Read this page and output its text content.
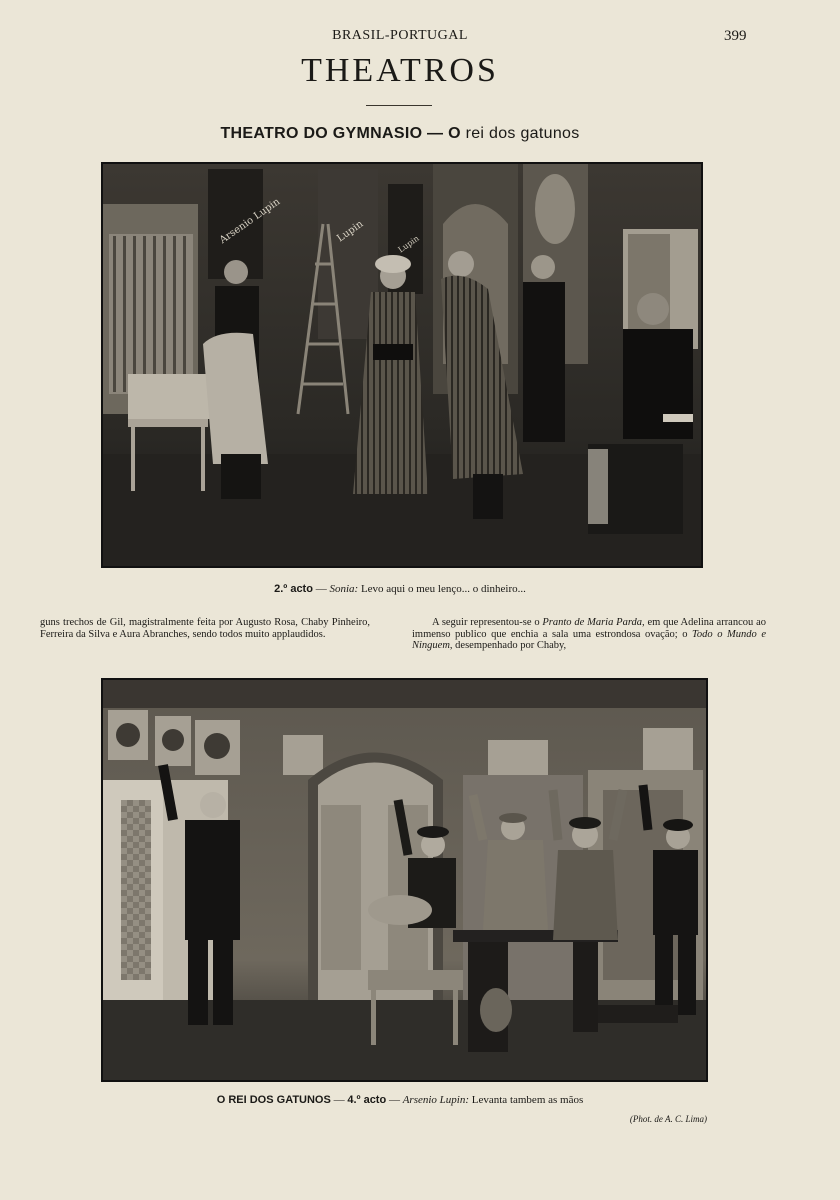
BRASIL-PORTUGAL	399
THEATROS
THEATRO DO GYMNASIO — O rei dos gatunos
Arsenio Lupin	Lupin	Lupin
2.º acto — Sonia: Levo aqui o meu lenço... o dinheiro...
guns trechos de Gil, magistralmente feita por Augusto Rosa, Chaby Pinheiro, Ferreira da Silva e Aura Abranches, sendo todos muito applaudidos.
A seguir representou-se o Pranto de Maria Parda, em que Adelina arrancou ao immenso publico que enchia a sala uma estrondosa ovação; o Todo o Mundo e Ninguem, desempenhado por Chaby,
O REI DOS GATUNOS — 4.º acto — Arsenio Lupin: Levanta tambem as mãos
(Phot. de A. C. Lima)
